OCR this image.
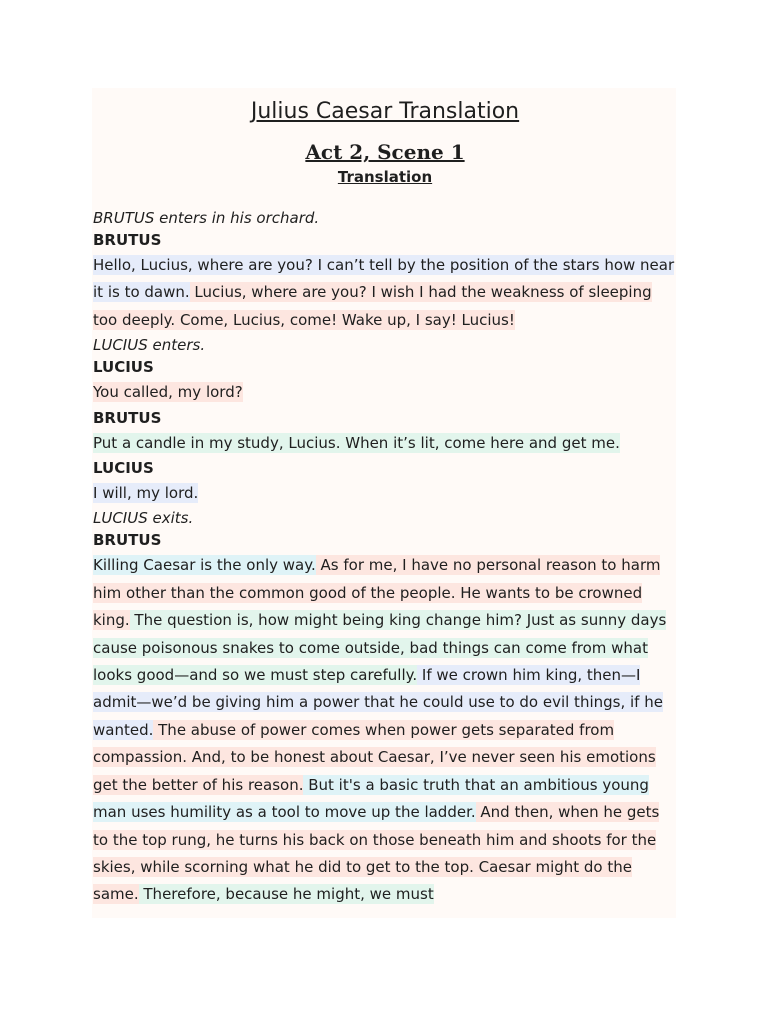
Julius Caesar Translation
Act 2, Scene 1
Translation

BRUTUS enters in his orchard.

BRUTUS

Hello, Lucius, where are you? I can’t tell by the position of the stars how near it is to dawn. Lucius, where are you? I wish I had the weakness of sleeping too deeply. Come, Lucius, come! Wake up, I say! Lucius!

LUCIUS enters.

LUCIUS

You called, my lord?

BRUTUS

Put a candle in my study, Lucius. When it’s lit, come here and get me.

LUCIUS

I will, my lord.

LUCIUS exits.

BRUTUS

Killing Caesar is the only way. As for me, I have no personal reason to harm him other than the common good of the people. He wants to be crowned king. The question is, how might being king change him? Just as sunny days cause poisonous snakes to come outside, bad things can come from what looks good—and so we must step carefully. If we crown him king, then—I admit—we’d be giving him a power that he could use to do evil things, if he wanted. The abuse of power comes when power gets separated from compassion. And, to be honest about Caesar, I’ve never seen his emotions get the better of his reason. But it's a basic truth that an ambitious young man uses humility as a tool to move up the ladder. And then, when he gets to the top rung, he turns his back on those beneath him and shoots for the skies, while scorning what he did to get to the top. Caesar might do the same. Therefore, because he might, we must
